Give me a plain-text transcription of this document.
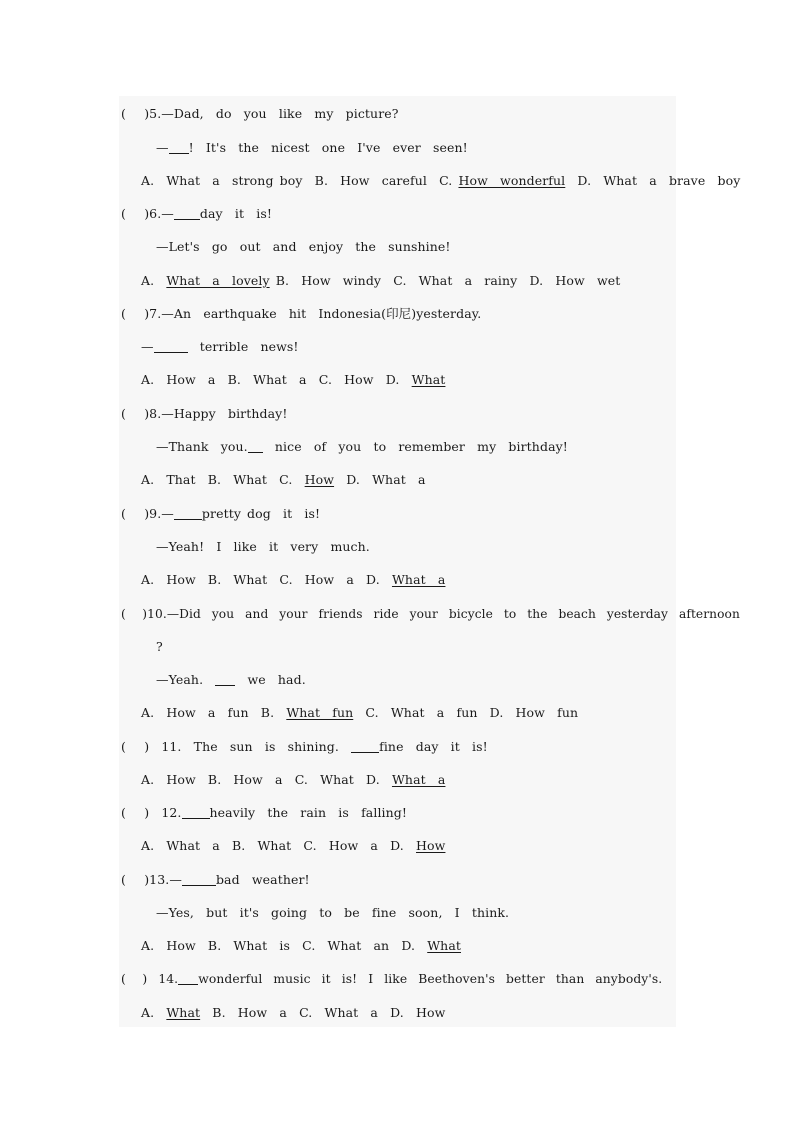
(   )5.—Dad,  do  you  like  my  picture?
— !  It's  the  nicest  one  I've  ever  seen!
A.  What  a  strong boy  B.  How  careful  C. How  wonderful  D.  What  a  brave  boy
(   )6.— day  it  is!
—Let's  go  out  and  enjoy  the  sunshine!
A.  What  a  lovely B.  How  windy  C.  What  a  rainy  D.  How  wet
(   )7.—An  earthquake  hit  Indonesia(印尼)yesterday.
—	terrible  news!
A.  How  a  B.  What  a  C.  How  D.  What
(   )8.—Happy  birthday!
—Thank  you.  nice  of  you  to  remember  my  birthday!
A.  That  B.  What  C.  How  D.  What  a
(   )9.— pretty dog  it  is!
—Yeah!  I  like  it  very  much.
A.  How  B.  What  C.  How  a  D.  What  a
(   )10.—Did  you  and  your  friends  ride  your  bicycle  to  the  beach  yesterday  afternoon
?
—Yeah.    we  had.
A.  How  a  fun  B.  What  fun  C.  What  a  fun  D.  How  fun
(   )  11.  The  sun  is  shining.  fine  day  it  is!
A.  How  B.  How  a  C.  What  D.  What  a
(   )  12. heavily  the  rain  is  falling!
A.  What  a  B.  What  C.  How  a  D.  How
(   )13.—	bad  weather!
—Yes,  but  it's  going  to  be  fine  soon,  I  think.
A.  How  B.  What  is  C.  What  an  D.  What
(   )  14. wonderful  music  it  is!  I  like  Beethoven's  better  than  anybody's.
A.  What  B.  How  a  C.  What  a  D.  How
